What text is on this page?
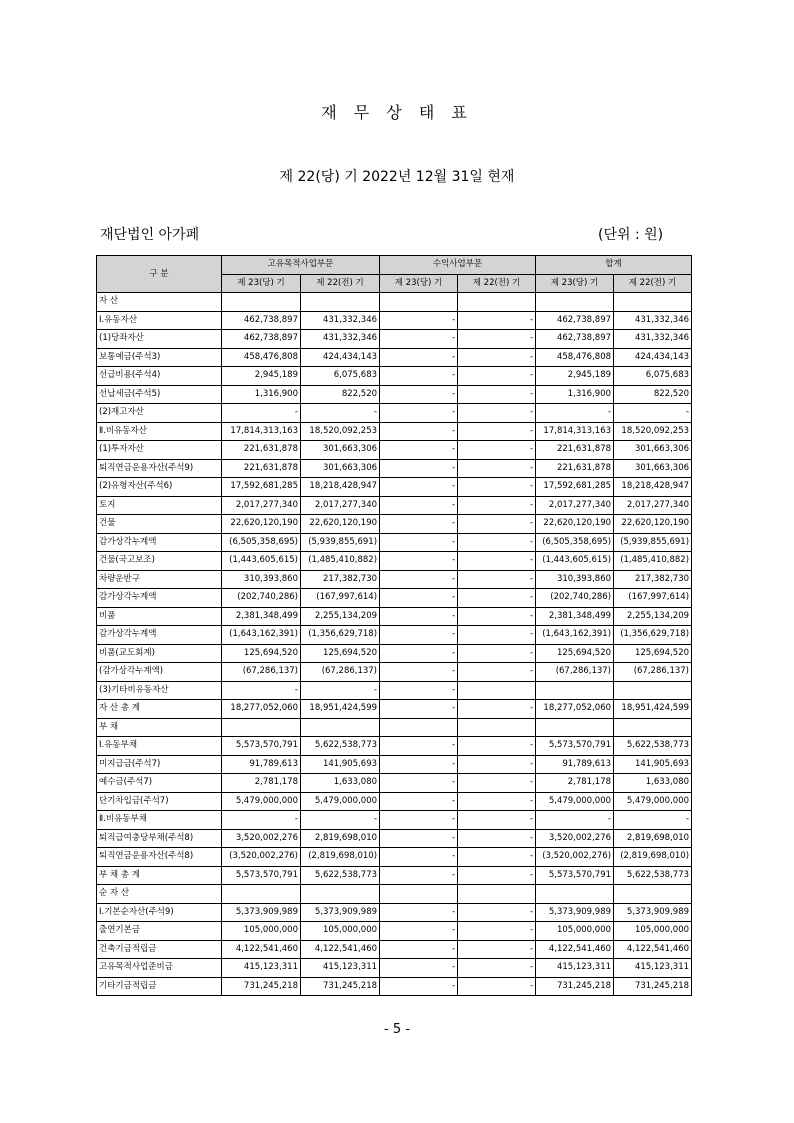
재 무 상 태 표
제 22(당) 기 2022년 12월 31일 현재
재단법인 아가페	(단위 : 원)
구 분	고유목적사업부문		수익사업부문		합계	
	제 23(당) 기	제 22(전) 기	제 23(당) 기	제 22(전) 기	제 23(당) 기	제 22(전) 기
자 산						
Ⅰ.유동자산	462,738,897	431,332,346	-	-	462,738,897	431,332,346
(1)당좌자산	462,738,897	431,332,346	-	-	462,738,897	431,332,346
보통예금(주석3)	458,476,808	424,434,143	-	-	458,476,808	424,434,143
선급비용(주석4)	2,945,189	6,075,683	-	-	2,945,189	6,075,683
선납세금(주석5)	1,316,900	822,520	-	-	1,316,900	822,520
(2)재고자산	-	-	-	-	-	-
Ⅱ.비유동자산	17,814,313,163	18,520,092,253	-	-	17,814,313,163	18,520,092,253
(1)투자자산	221,631,878	301,663,306	-	-	221,631,878	301,663,306
퇴직연금운용자산(주석9)	221,631,878	301,663,306	-	-	221,631,878	301,663,306
(2)유형자산(주석6)	17,592,681,285	18,218,428,947	-	-	17,592,681,285	18,218,428,947
토지	2,017,277,340	2,017,277,340	-	-	2,017,277,340	2,017,277,340
건물	22,620,120,190	22,620,120,190	-	-	22,620,120,190	22,620,120,190
감가상각누계액	(6,505,358,695)	(5,939,855,691)	-	-	(6,505,358,695)	(5,939,855,691)
건물(국고보조)	(1,443,605,615)	(1,485,410,882)	-	-	(1,443,605,615)	(1,485,410,882)
차량운반구	310,393,860	217,382,730	-	-	310,393,860	217,382,730
감가상각누계액	(202,740,286)	(167,997,614)	-	-	(202,740,286)	(167,997,614)
비품	2,381,348,499	2,255,134,209	-	-	2,381,348,499	2,255,134,209
감가상각누계액	(1,643,162,391)	(1,356,629,718)	-	-	(1,643,162,391)	(1,356,629,718)
비품(교도회계)	125,694,520	125,694,520	-	-	125,694,520	125,694,520
(감가상각누계액)	(67,286,137)	(67,286,137)	-	-	(67,286,137)	(67,286,137)
(3)기타비유동자산	-	-	-			
자 산 총 계	18,277,052,060	18,951,424,599	-	-	18,277,052,060	18,951,424,599
부 채						
Ⅰ.유동부채	5,573,570,791	5,622,538,773	-	-	5,573,570,791	5,622,538,773
미지급금(주석7)	91,789,613	141,905,693	-	-	91,789,613	141,905,693
예수금(주석7)	2,781,178	1,633,080	-	-	2,781,178	1,633,080
단기차입금(주석7)	5,479,000,000	5,479,000,000	-	-	5,479,000,000	5,479,000,000
Ⅱ.비유동부채	-	-	-	-	-	-
퇴직급여충당부채(주석8)	3,520,002,276	2,819,698,010	-	-	3,520,002,276	2,819,698,010
퇴직연금운용자산(주석8)	(3,520,002,276)	(2,819,698,010)	-	-	(3,520,002,276)	(2,819,698,010)
부 채 총 계	5,573,570,791	5,622,538,773	-	-	5,573,570,791	5,622,538,773
순 자 산						
Ⅰ.기본순자산(주석9)	5,373,909,989	5,373,909,989	-	-	5,373,909,989	5,373,909,989
출연기본금	105,000,000	105,000,000	-	-	105,000,000	105,000,000
건축기금적립금	4,122,541,460	4,122,541,460	-	-	4,122,541,460	4,122,541,460
고유목적사업준비금	415,123,311	415,123,311	-	-	415,123,311	415,123,311
기타기금적립금	731,245,218	731,245,218	-	-	731,245,218	731,245,218
- 5 -
